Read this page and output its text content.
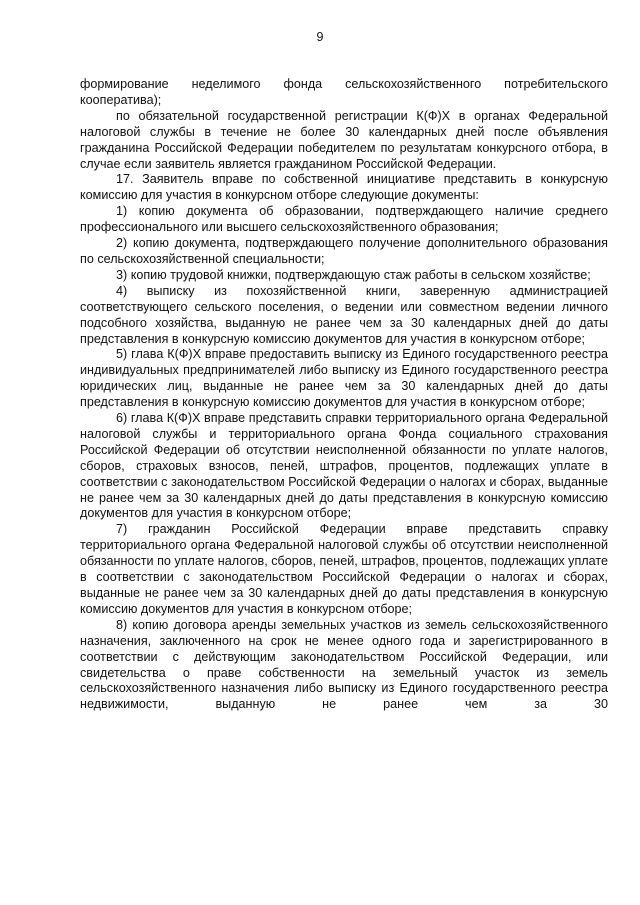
9

формирование неделимого фонда сельскохозяйственного потребительского кооператива);

по обязательной государственной регистрации К(Ф)Х в органах Федеральной налоговой службы в течение не более 30 календарных дней после объявления гражданина Российской Федерации победителем по результатам конкурсного отбора, в случае если заявитель является гражданином Российской Федерации.

17. Заявитель вправе по собственной инициативе представить в конкурсную комиссию для участия в конкурсном отборе следующие документы:

1) копию документа об образовании, подтверждающего наличие среднего профессионального или высшего сельскохозяйственного образования;

2) копию документа, подтверждающего получение дополнительного образования по сельскохозяйственной специальности;

3) копию трудовой книжки, подтверждающую стаж работы в сельском хозяйстве;

4) выписку из похозяйственной книги, заверенную администрацией соответствующего сельского поселения, о ведении или совместном ведении личного подсобного хозяйства, выданную не ранее чем за 30 календарных дней до даты представления в конкурсную комиссию документов для участия в конкурсном отборе;

5) глава К(Ф)Х вправе предоставить выписку из Единого государственного реестра индивидуальных предпринимателей либо выписку из Единого государственного реестра юридических лиц, выданные не ранее чем за 30 календарных дней до даты представления в конкурсную комиссию документов для участия в конкурсном отборе;

6) глава К(Ф)Х вправе представить справки территориального органа Федеральной налоговой службы и территориального органа Фонда социального страхования Российской Федерации об отсутствии неисполненной обязанности по уплате налогов, сборов, страховых взносов, пеней, штрафов, процентов, подлежащих уплате в соответствии с законодательством Российской Федерации о налогах и сборах, выданные не ранее чем за 30 календарных дней до даты представления в конкурсную комиссию документов для участия в конкурсном отборе;

7) гражданин Российской Федерации вправе представить справку территориального органа Федеральной налоговой службы об отсутствии неисполненной обязанности по уплате налогов, сборов, пеней, штрафов, процентов, подлежащих уплате в соответствии с законодательством Российской Федерации о налогах и сборах, выданные не ранее чем за 30 календарных дней до даты представления в конкурсную комиссию документов для участия в конкурсном отборе;

8) копию договора аренды земельных участков из земель сельскохозяйственного назначения, заключенного на срок не менее одного года и зарегистрированного в соответствии с действующим законодательством Российской Федерации, или свидетельства о праве собственности на земельный участок из земель сельскохозяйственного назначения либо выписку из Единого государственного реестра недвижимости, выданную не ранее чем за 30
